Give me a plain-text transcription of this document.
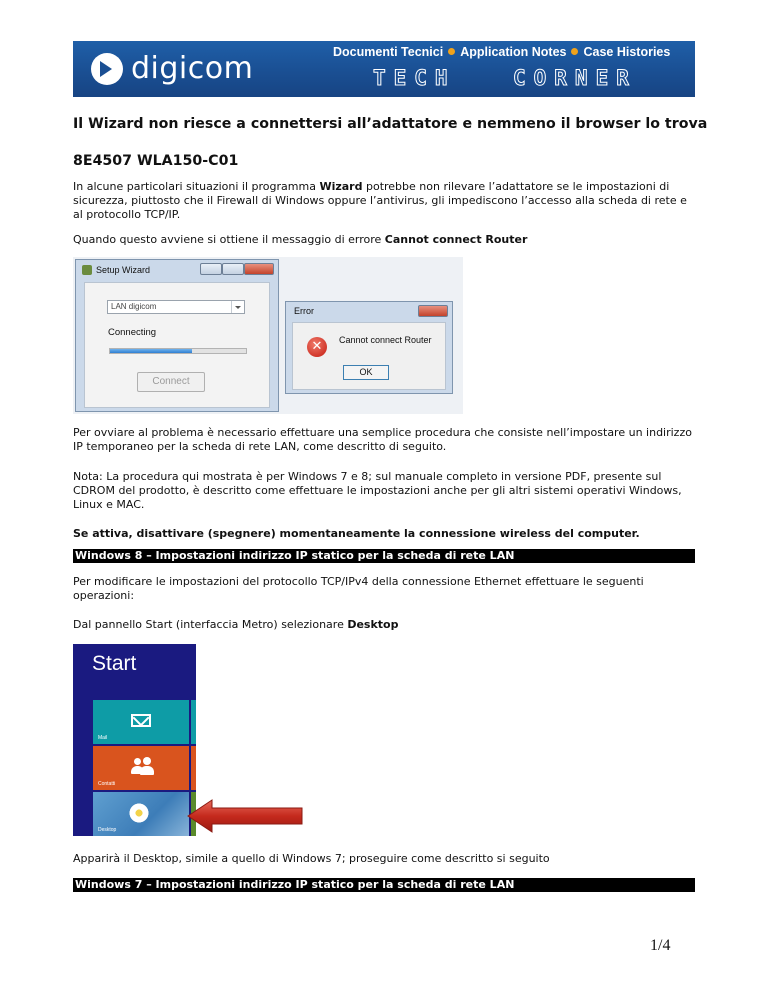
digicom	Documenti Tecnici Application Notes Case Histories
TECH	CORNER
Il Wizard non riesce a connettersi all’adattatore e nemmeno il browser lo trova
8E4507 WLA150-C01
In alcune particolari situazioni il programma Wizard potrebbe non rilevare l’adattatore se le impostazioni di sicurezza, piuttosto che il Firewall di Windows oppure l’antivirus, gli impediscono l’accesso alla scheda di rete e al protocollo TCP/IP.
Quando questo avviene si ottiene il messaggio di errore Cannot connect Router
Setup Wizard
LAN digicom
Connecting
Connect
Error
✕	Cannot connect Router
OK
Per ovviare al problema è necessario effettuare una semplice procedura che consiste nell’impostare un indirizzo IP temporaneo per la scheda di rete LAN, come descritto di seguito.
Nota: La procedura qui mostrata è per Windows 7 e 8; sul manuale completo in versione PDF, presente sul CDROM del prodotto, è descritto come effettuare le impostazioni anche per gli altri sistemi operativi Windows, Linux e MAC.
Se attiva, disattivare (spegnere) momentaneamente la connessione wireless del computer.
Windows 8 – Impostazioni indirizzo IP statico per la scheda di rete LAN
Per modificare le impostazioni del protocollo TCP/IPv4 della connessione Ethernet effettuare le seguenti operazioni:
Dal pannello Start (interfaccia Metro) selezionare Desktop
Start
Mail
Contatti
Desktop
Apparirà il Desktop, simile a quello di Windows 7; proseguire come descritto si seguito
Windows 7 – Impostazioni indirizzo IP statico per la scheda di rete LAN
1/4
